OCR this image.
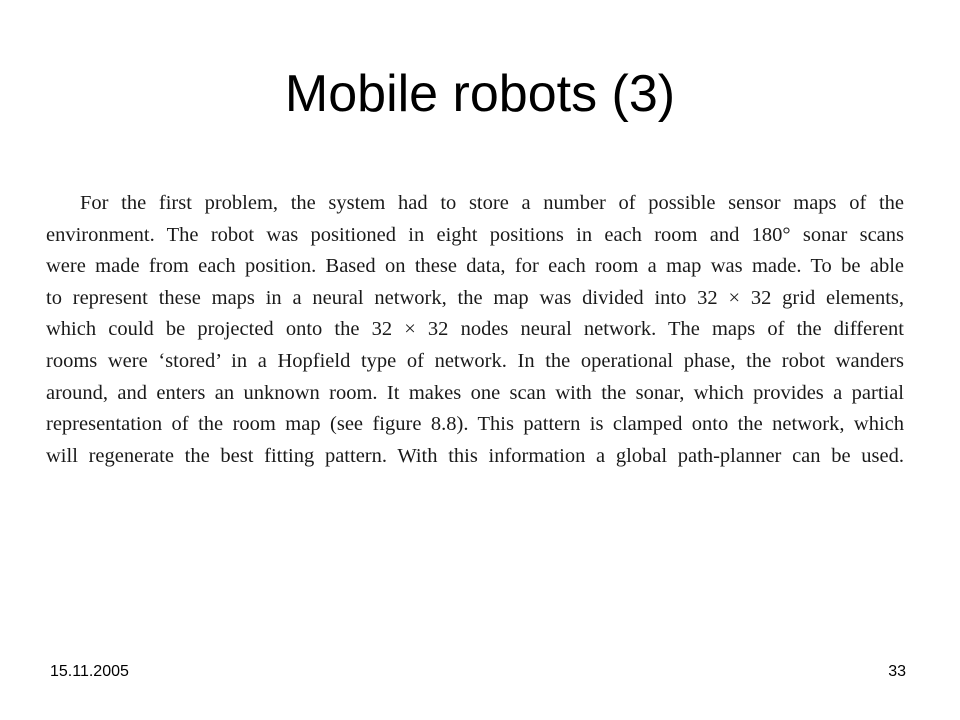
Mobile robots (3)
For the first problem, the system had to store a number of possible sensor maps of the
environment. The robot was positioned in eight positions in each room and 180° sonar scans
were made from each position. Based on these data, for each room a map was made. To be able
to represent these maps in a neural network, the map was divided into 32 × 32 grid elements,
which could be projected onto the 32 × 32 nodes neural network. The maps of the different
rooms were ‘stored’ in a Hopfield type of network. In the operational phase, the robot wanders
around, and enters an unknown room. It makes one scan with the sonar, which provides a partial
representation of the room map (see figure 8.8). This pattern is clamped onto the network, which
will regenerate the best fitting pattern. With this information a global path-planner can be used.
15.11.2005	33
